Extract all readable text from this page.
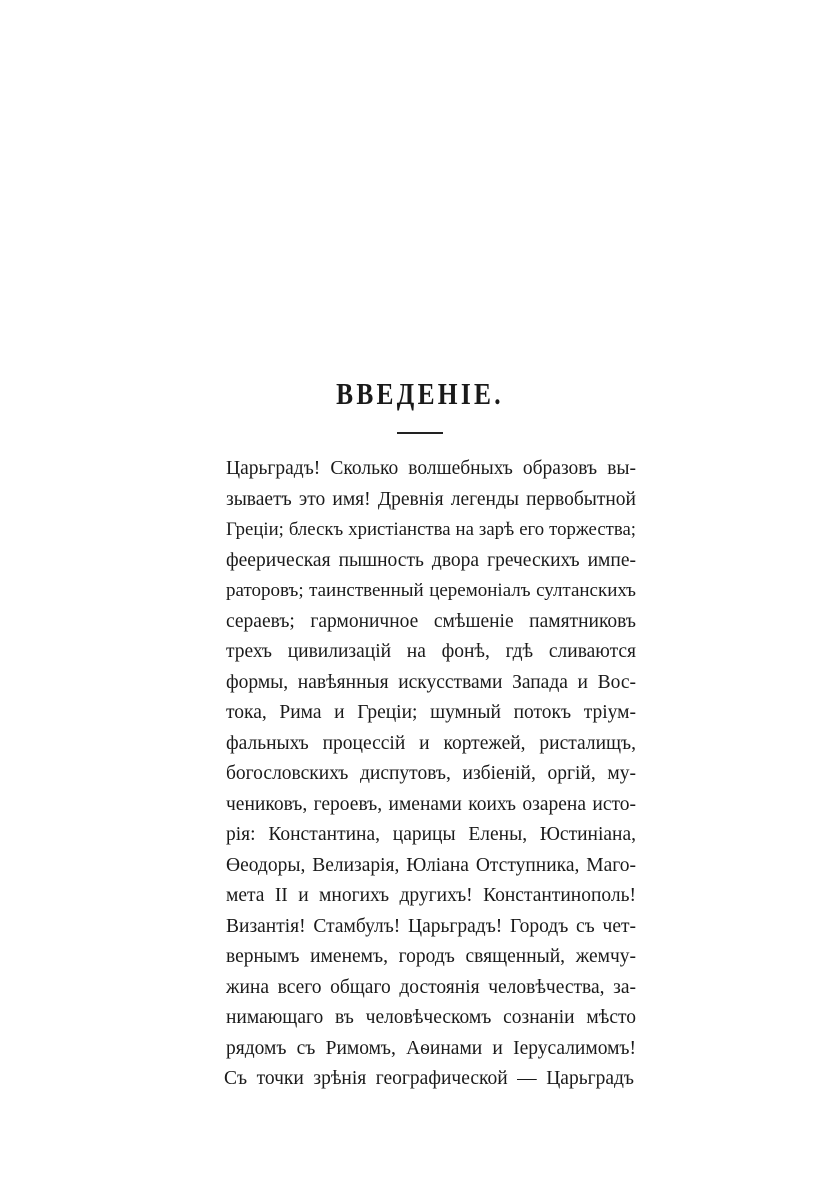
ВВЕДЕНIЕ.
Царьградъ! Сколько волшебныхъ образовъ вы-
зываетъ это имя! Древнія легенды первобытной
Греціи; блескъ христіанства на зарѣ его торжества;
феерическая пышность двора греческихъ импе-
раторовъ; таинственный церемоніалъ султанскихъ
сераевъ; гармоничное смѣшеніе памятниковъ
трехъ цивилизацій на фонѣ, гдѣ сливаются
формы, навѣянныя искусствами Запада и Вос-
тока, Рима и Греціи; шумный потокъ тріум-
фальныхъ процессій и кортежей, ристалищъ,
богословскихъ диспутовъ, избіеній, оргій, му-
чениковъ, героевъ, именами коихъ озарена исто-
рія: Константина, царицы Елены, Юстиніана,
Өеодоры, Велизарія, Юліана Отступника, Маго-
мета II и многихъ другихъ! Константинополь!
Византія! Стамбулъ! Царьградъ! Городъ съ чет-
вернымъ именемъ, городъ священный, жемчу-
жина всего общаго достоянія человѣчества, за-
нимающаго въ человѣческомъ сознаніи мѣсто
рядомъ съ Римомъ, Аѳинами и Іерусалимомъ!
Съ точки зрѣнія географической — Царьградъ
